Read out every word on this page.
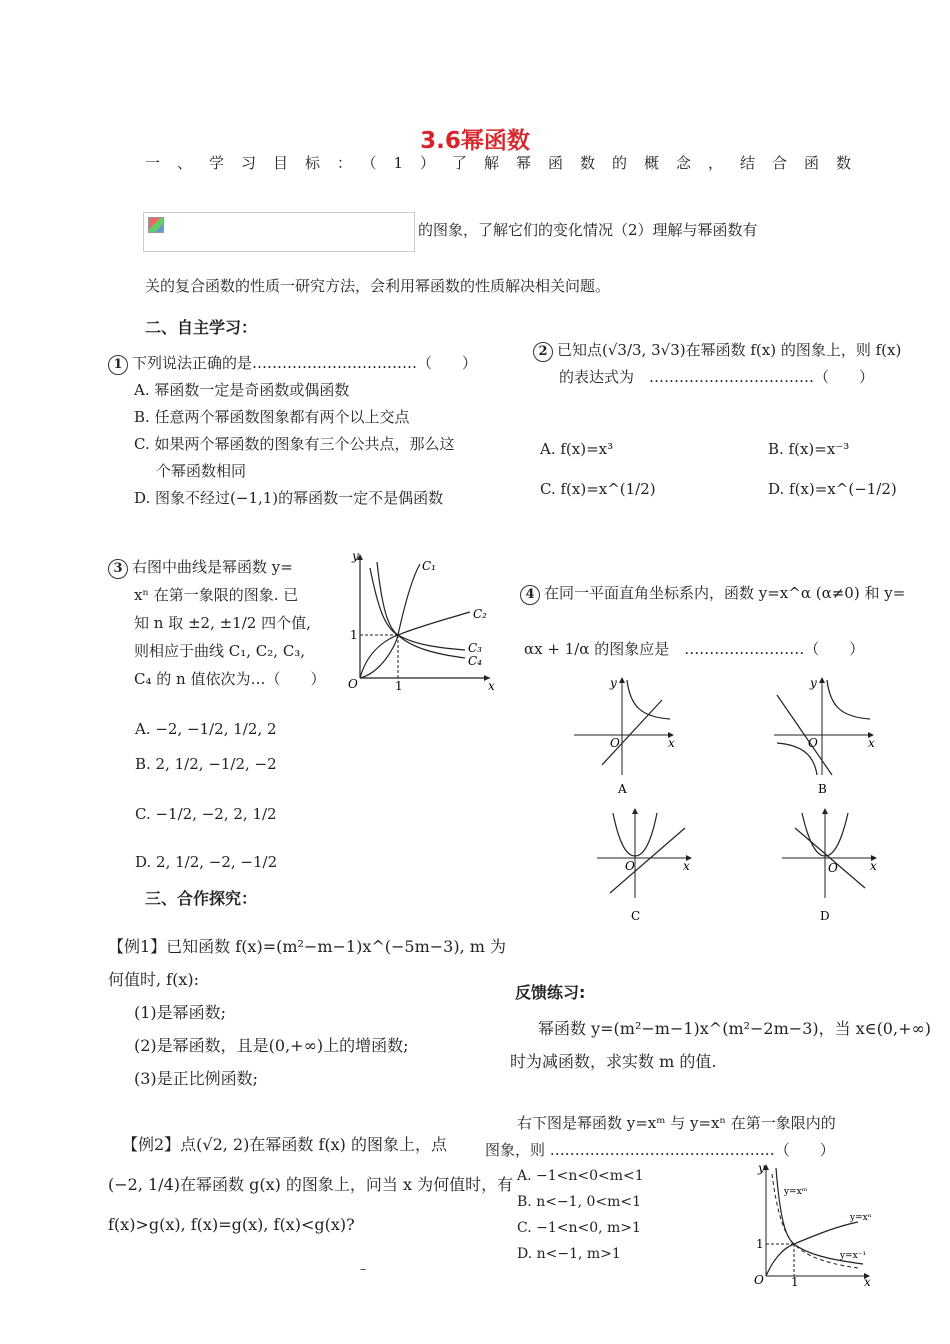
3.6幂函数
一、学习目标：（1）了解幂函数的概念，结合函数
的图象，了解它们的变化情况（2）理解与幂函数有
关的复合函数的性质一研究方法，会利用幂函数的性质解决相关问题。
二、自主学习：
1 下列说法正确的是……………………………（　　）
A. 幂函数一定是奇函数或偶函数
B. 任意两个幂函数图象都有两个以上交点
C. 如果两个幂函数的图象有三个公共点，那么这
个幂函数相同
D. 图象不经过(−1,1)的幂函数一定不是偶函数
2 已知点(√3/3, 3√3)在幂函数 f(x) 的图象上，则 f(x)
的表达式为　……………………………（　　）
A. f(x)=x³	B. f(x)=x⁻³
C. f(x)=x^(1/2)	D. f(x)=x^(−1/2)
3 右图中曲线是幂函数 y=
xⁿ 在第一象限的图象. 已
知 n 取 ±2, ±1/2 四个值,
则相应于曲线 C₁, C₂, C₃,
C₄ 的 n 值依次为…（　　）
A. −2, −1/2, 1/2, 2
B. 2, 1/2, −1/2, −2
C. −1/2, −2, 2, 1/2
D. 2, 1/2, −2, −1/2
y
x
O	1
1
C₁
C₂
C₃
C₄
4 在同一平面直角坐标系内，函数 y=x^α (α≠0) 和 y=
αx + 1/α 的图象应是　……………………（　　）
y
x
O
A
y
x
O
B
O	x
C
O	x
D
三、合作探究：
【例1】已知函数 f(x)=(m²−m−1)x^(−5m−3), m 为
何值时, f(x):
(1)是幂函数;
(2)是幂函数，且是(0,+∞)上的增函数;
(3)是正比例函数;
【例2】点(√2, 2)在幂函数 f(x) 的图象上，点
(−2, 1/4)在幂函数 g(x) 的图象上，问当 x 为何值时，有
f(x)>g(x), f(x)=g(x), f(x)<g(x)?
反馈练习:
幂函数 y=(m²−m−1)x^(m²−2m−3)，当 x∈(0,+∞)
时为减函数，求实数 m 的值.
右下图是幂函数 y=xᵐ 与 y=xⁿ 在第一象限内的
图象，则 ………………………………………（　　）
A. −1<n<0<m<1
B. n<−1, 0<m<1
C. −1<n<0, m>1
D. n<−1, m>1
y
x
O 1
1
y=xᵐ
y=xⁿ
y=x⁻¹
–
